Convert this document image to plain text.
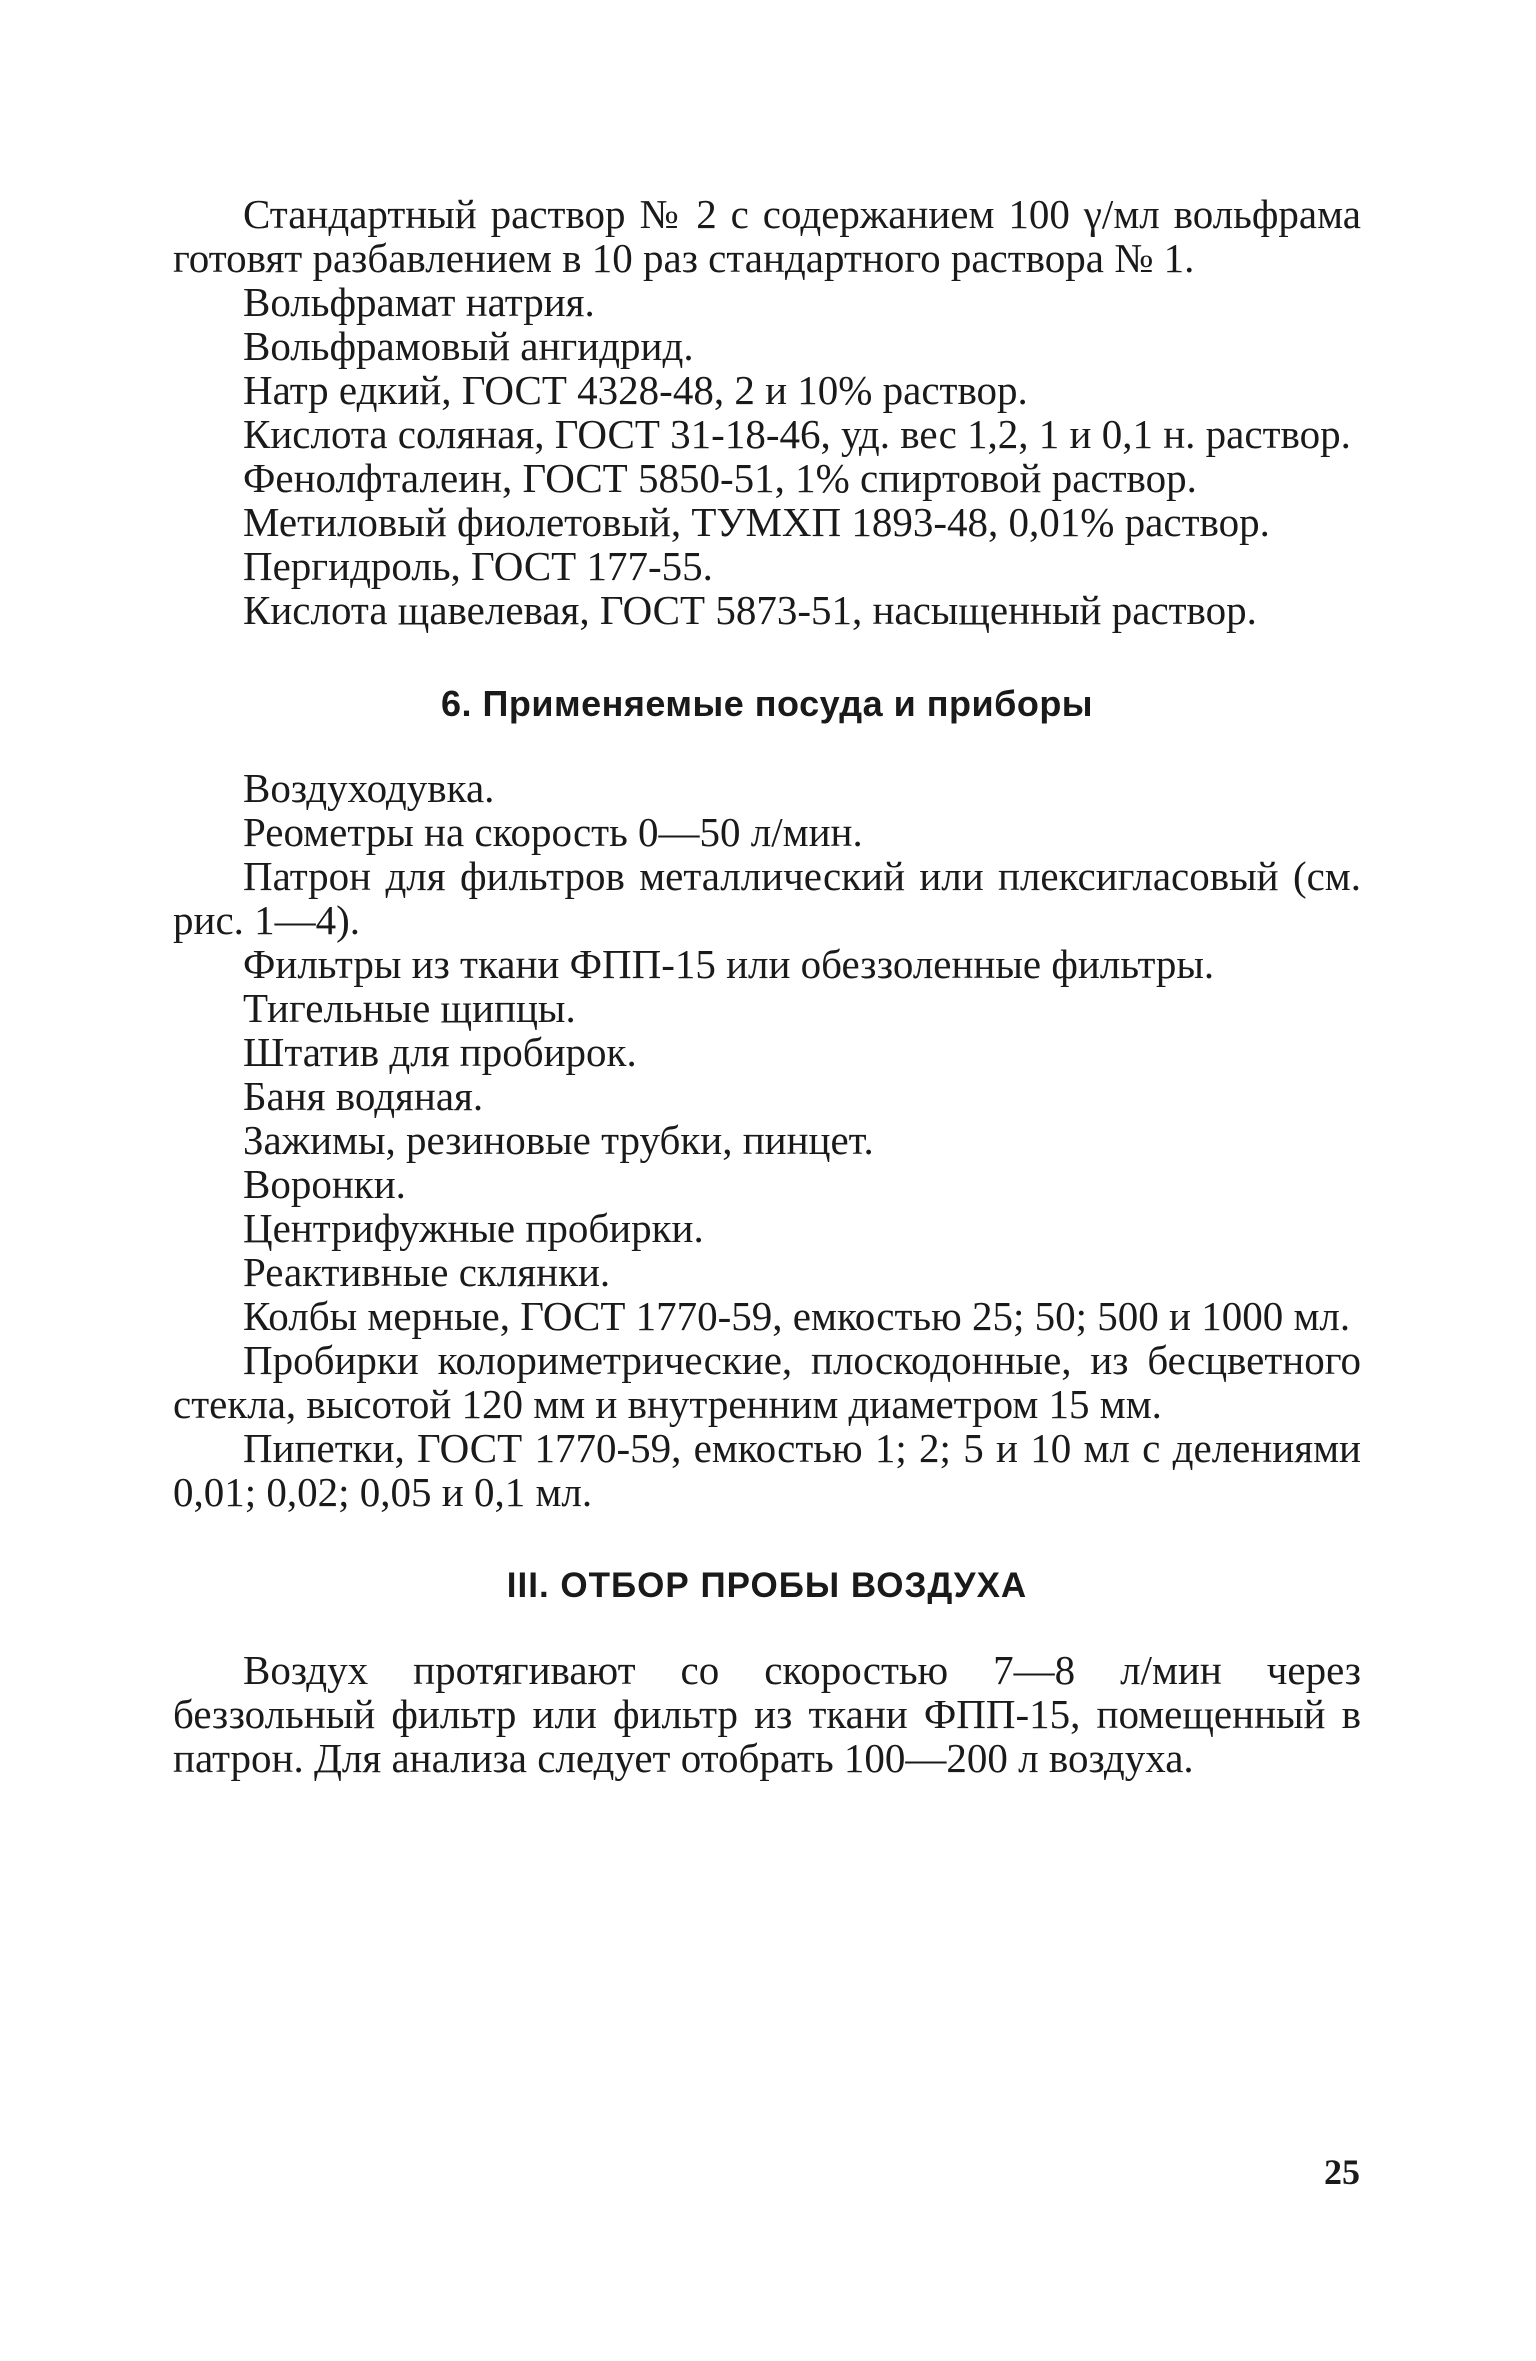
Стандартный раствор № 2 с содержанием 100 γ/мл вольфрама готовят разбавлением в 10 раз стандартного раствора № 1.

Вольфрамат натрия.

Вольфрамовый ангидрид.

Натр едкий, ГОСТ 4328-48, 2 и 10% раствор.

Кислота соляная, ГОСТ 31-18-46, уд. вес 1,2, 1 и 0,1 н. раствор.

Фенолфталеин, ГОСТ 5850-51, 1% спиртовой раствор.

Метиловый фиолетовый, ТУМХП 1893-48, 0,01% раствор.

Пергидроль, ГОСТ 177-55.

Кислота щавелевая, ГОСТ 5873-51, насыщенный раствор.

6. Применяемые посуда и приборы

Воздуходувка.

Реометры на скорость 0—50 л/мин.

Патрон для фильтров металлический или плексигласовый (см. рис. 1—4).

Фильтры из ткани ФПП-15 или обеззоленные фильтры.

Тигельные щипцы.

Штатив для пробирок.

Баня водяная.

Зажимы, резиновые трубки, пинцет.

Воронки.

Центрифужные пробирки.

Реактивные склянки.

Колбы мерные, ГОСТ 1770-59, емкостью 25; 50; 500 и 1000 мл.

Пробирки колориметрические, плоскодонные, из бесцветного стекла, высотой 120 мм и внутренним диаметром 15 мм.

Пипетки, ГОСТ 1770-59, емкостью 1; 2; 5 и 10 мл с делениями 0,01; 0,02; 0,05 и 0,1 мл.

III. ОТБОР ПРОБЫ ВОЗДУХА

Воздух протягивают со скоростью 7—8 л/мин через беззольный фильтр или фильтр из ткани ФПП-15, помещенный в патрон. Для анализа следует отобрать 100—200 л воздуха.

25
